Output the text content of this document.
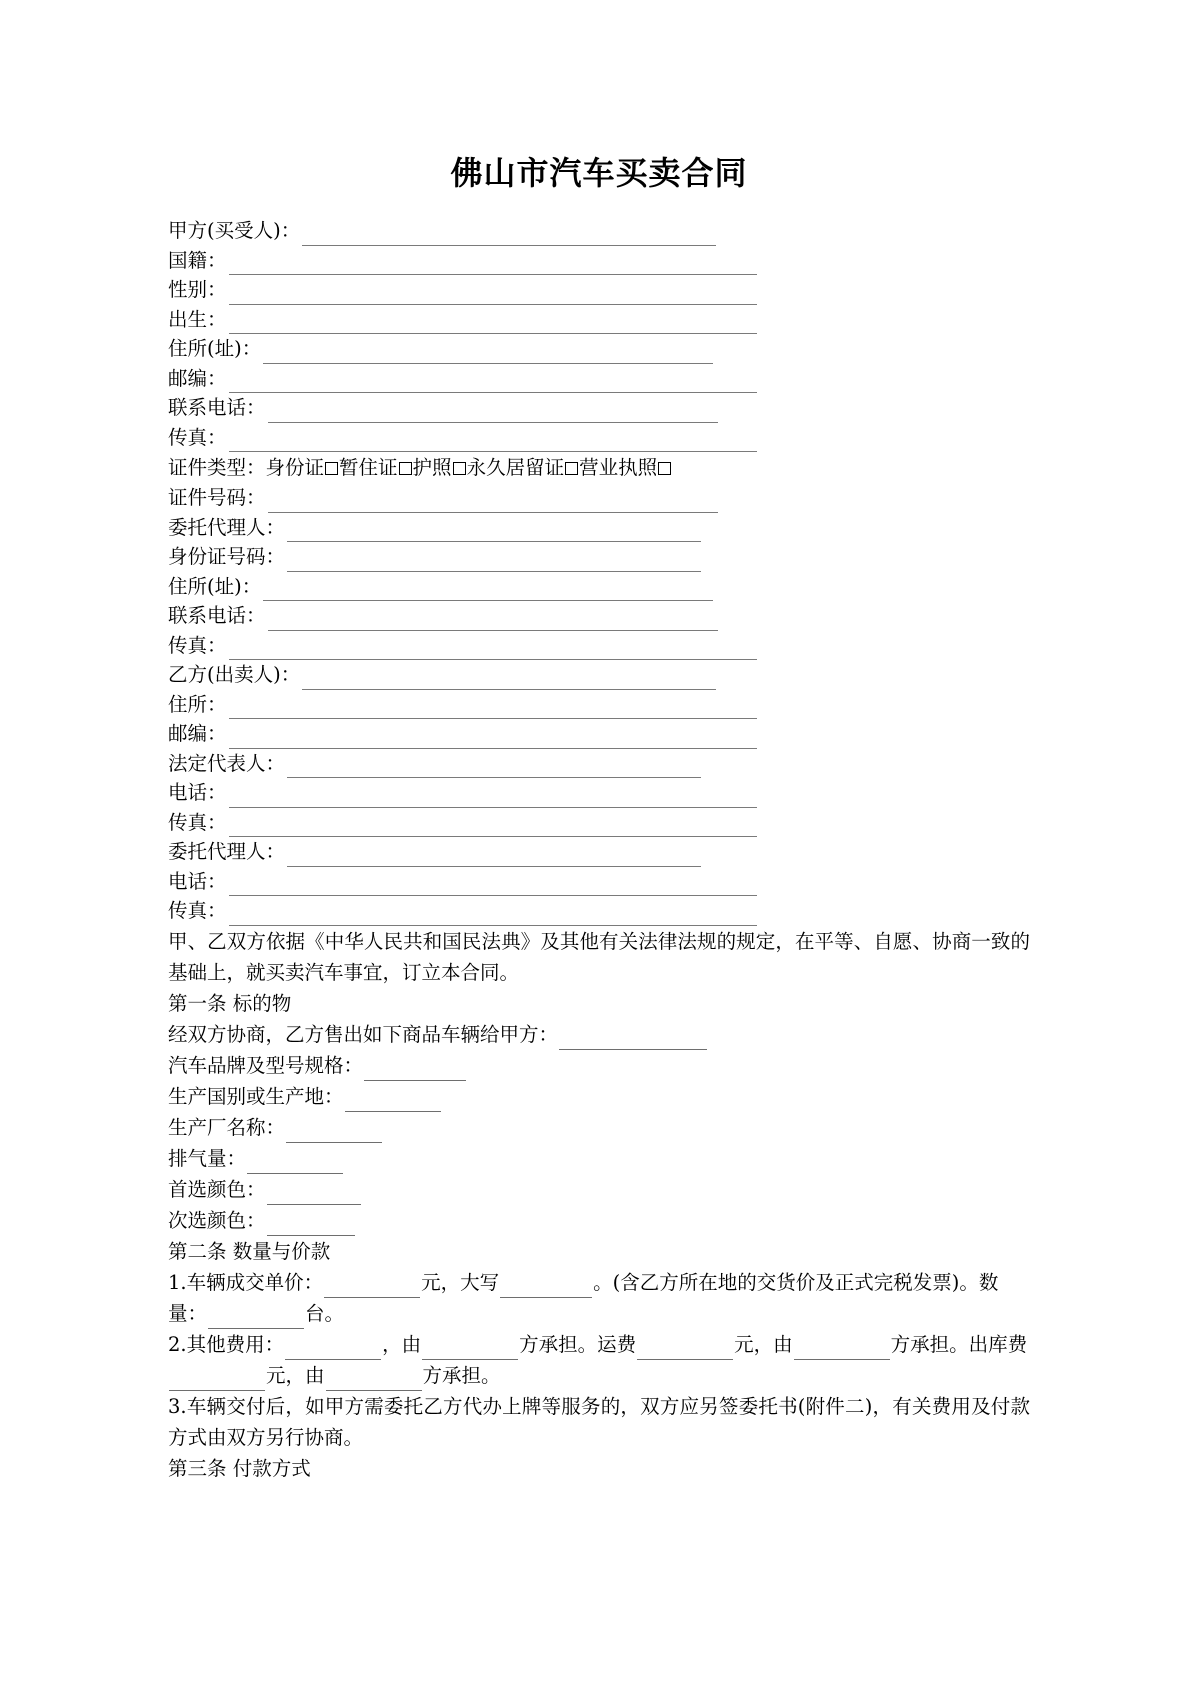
佛山市汽车买卖合同
甲方(买受人)：
国籍：
性别：
出生：
住所(址)：
邮编：
联系电话：
传真：
证件类型：身份证 暂住证 护照 永久居留证 营业执照
证件号码：
委托代理人：
身份证号码：
住所(址)：
联系电话：
传真：
乙方(出卖人)：
住所：
邮编：
法定代表人：
电话：
传真：
委托代理人：
电话：
传真：

甲、乙双方依据《中华人民共和国民法典》及其他有关法律法规的规定，在平等、自愿、协商一致的基础上，就买卖汽车事宜，订立本合同。

第一条 标的物

经双方协商，乙方售出如下商品车辆给甲方：
汽车品牌及型号规格：
生产国别或生产地：
生产厂名称：
排气量：
首选颜色：
次选颜色：

第二条 数量与价款

1.车辆成交单价：	元，大写	。(含乙方所在地的交货价及正式完税发票)。数量：	台。

2.其他费用：	，由	方承担。运费	元，由	方承担。出库费元，由	方承担。

3.车辆交付后，如甲方需委托乙方代办上牌等服务的，双方应另签委托书(附件二)，有关费用及付款方式由双方另行协商。

第三条 付款方式
